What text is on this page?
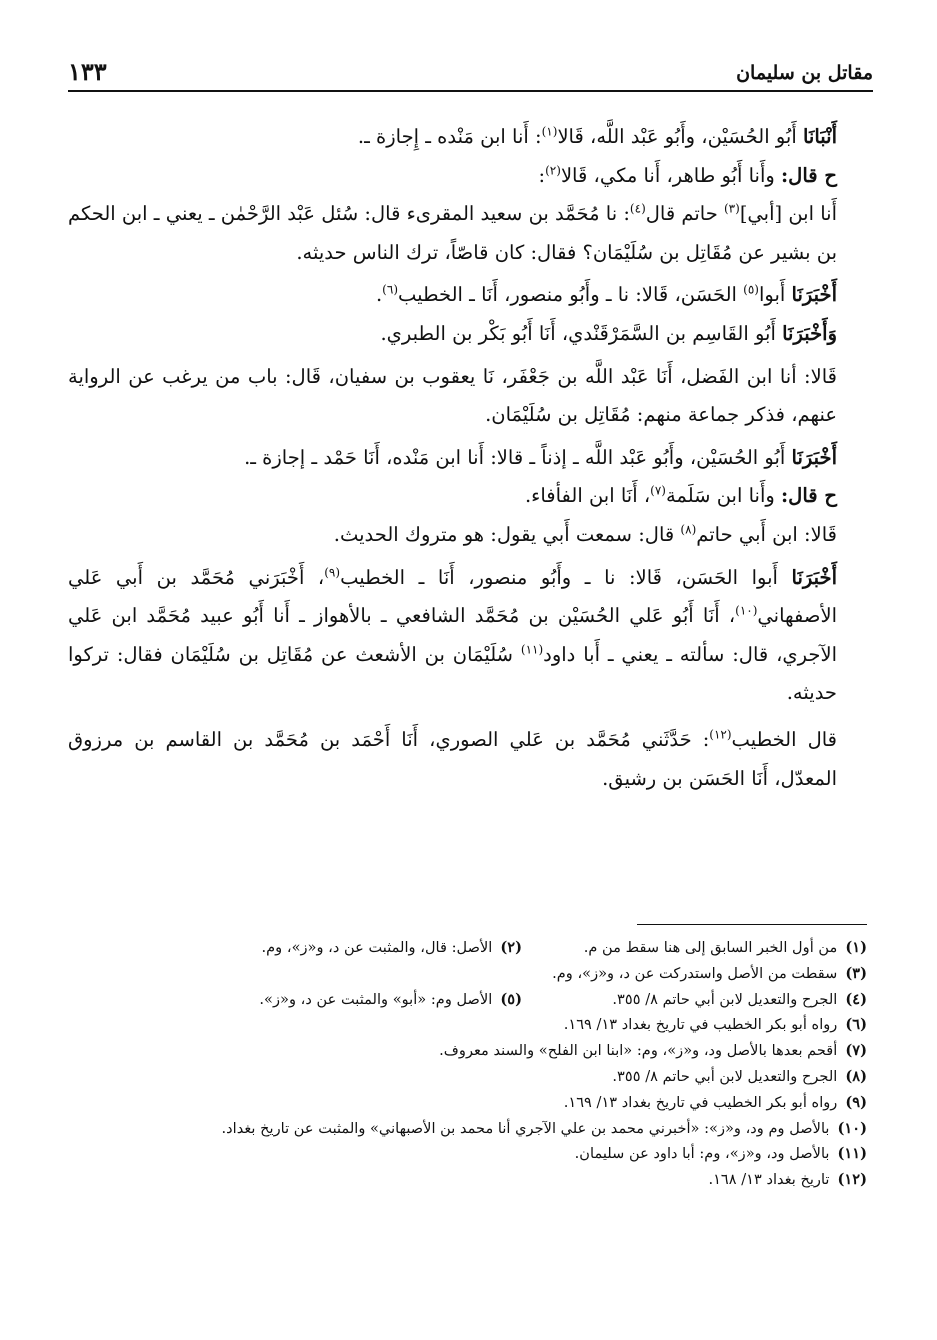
١٣٣	مقاتل بن سليمان

أَنْبَانَا أَبُو الحُسَيْن، وأَبُو عَبْد اللَّه، قَالا$^{(١)}$: أَنا ابن مَنْده ـ إِجازة ـ.

ح قال: وأَنا أَبُو طاهر، أَنا مكي، قَالا$^{(٢)}$:

أَنا ابن [أبي]$^{(٣)}$ حاتم قال$^{(٤)}$: نا مُحَمَّد بن سعيد المقرىء قال: سُئل عَبْد الرَّحْمٰن ـ يعني ـ ابن الحكم بن بشير عن مُقَاتِل بن سُلَيْمَان؟ فقال: كان قاصّاً، ترك الناس حديثه.

أَخْبَرَنَا أَبوا$^{(٥)}$ الحَسَن، قَالا: نا ـ وأَبُو منصور، أَنَا ـ الخطيب$^{(٦)}$.

وَأَخْبَرَنَا أَبُو القَاسِم بن السَّمَرْقَنْدي، أَنَا أَبُو بَكْر بن الطبري.

قَالا: أنا ابن الفَضل، أَنَا عَبْد اللَّه بن جَعْفَر، نَا يعقوب بن سفيان، قَال: باب من يرغب عن الرواية عنهم، فذكر جماعة منهم: مُقَاتِل بن سُلَيْمَان.

أَخْبَرَنَا أَبُو الحُسَيْن، وأَبُو عَبْد اللَّه ـ إذناً ـ قالا: أَنا ابن مَنْده، أَنَا حَمْد ـ إجازة ـ.

ح قال: وأَنا ابن سَلَمة$^{(٧)}$، أَنَا ابن الفأفاء.

قَالا: ابن أَبي حاتم$^{(٨)}$ قال: سمعت أَبي يقول: هو متروك الحديث.

أَخْبَرَنَا أَبوا الحَسَن، قَالا: نا ـ وأَبُو منصور، أَنَا ـ الخطيب$^{(٩)}$، أَخْبَرَني مُحَمَّد بن أَبي عَلي الأصفهاني$^{(١٠)}$، أَنَا أَبُو عَلي الحُسَيْن بن مُحَمَّد الشافعي ـ بالأهواز ـ أَنا أَبُو عبيد مُحَمَّد ابن عَلي الآجري، قال: سألته ـ يعني ـ أَبا داود$^{(١١)}$ سُلَيْمَان بن الأشعث عن مُقَاتِل بن سُلَيْمَان فقال: تركوا حديثه.

قال الخطيب$^{(١٢)}$: حَدَّثَني مُحَمَّد بن عَلي الصوري، أَنَا أَحْمَد بن مُحَمَّد بن القاسم بن مرزوق المعدّل، أَنَا الحَسَن بن رشيق.

(١)من أول الخبر السابق إلى هنا سقط من م.
(٢)الأصل: قال، والمثبت عن د، و«ز»، وم.
(٣)
سقطت من الأصل واستدركت عن د، و«ز»، وم.
(٤)الجرح والتعديل لابن أبي حاتم ٨/ ٣٥٥.
(٥)الأصل وم: «أبو» والمثبت عن د، و«ز».
(٦)
رواه أبو بكر الخطيب في تاريخ بغداد ١٣/ ١٦٩.
(٧)
أقحم بعدها بالأصل ود، و«ز»، وم: «ابنا ابن الفلح» والسند معروف.
(٨)
الجرح والتعديل لابن أبي حاتم ٨/ ٣٥٥.
(٩)
رواه أبو بكر الخطيب في تاريخ بغداد ١٣/ ١٦٩.
(١٠)
بالأصل وم ود، و«ز»: «أخبرني محمد بن علي الآجري أنا محمد بن الأصبهاني» والمثبت عن تاريخ بغداد.
(١١)
بالأصل ود، و«ز»، وم: أبا داود عن سليمان.
(١٢)
تاريخ بغداد ١٣/ ١٦٨.
